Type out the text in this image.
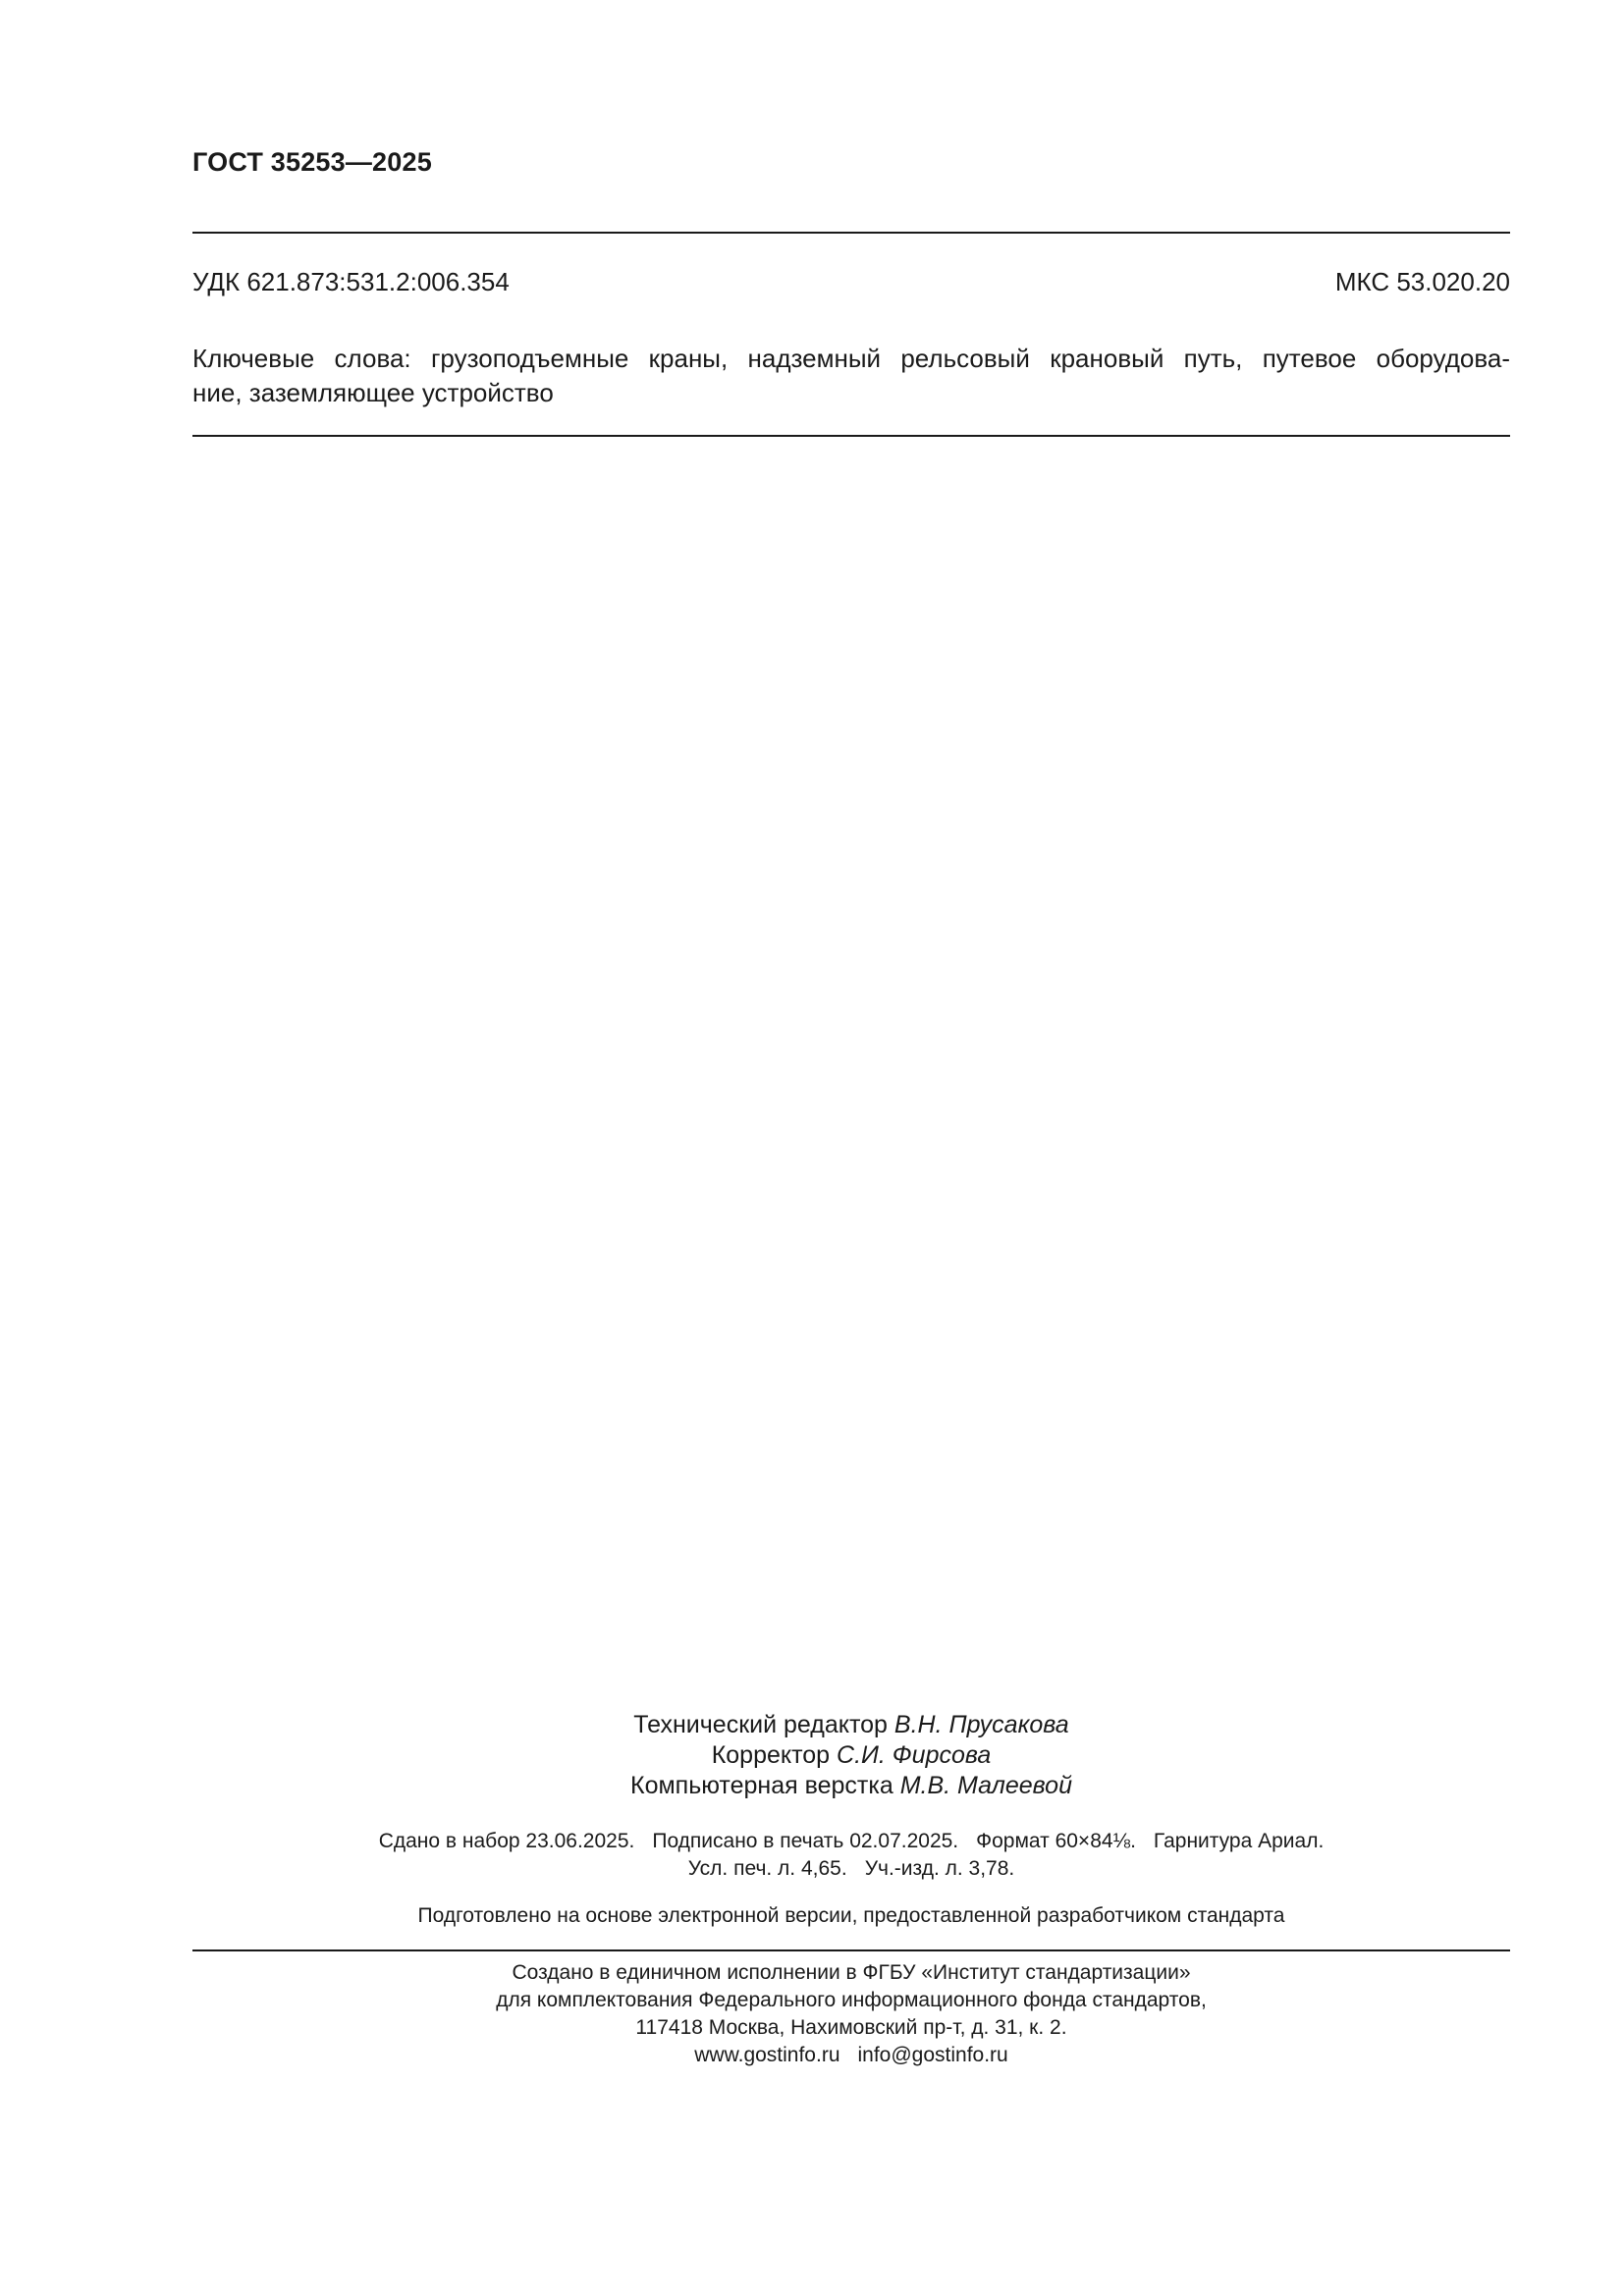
ГОСТ 35253—2025
УДК 621.873:531.2:006.354	МКС 53.020.20
Ключевые слова: грузоподъемные краны, надземный рельсовый крановый путь, путевое оборудова-
ние, заземляющее устройство
Технический редактор В.Н. Прусакова
Корректор С.И. Фирсова
Компьютерная верстка М.В. Малеевой
Сдано в набор 23.06.2025. Подписано в печать 02.07.2025. Формат 60×84⅛. Гарнитура Ариал.
Усл. печ. л. 4,65. Уч.-изд. л. 3,78.
Подготовлено на основе электронной версии, предоставленной разработчиком стандарта
Создано в единичном исполнении в ФГБУ «Институт стандартизации»
для комплектования Федерального информационного фонда стандартов,
117418 Москва, Нахимовский пр-т, д. 31, к. 2.
www.gostinfo.ru info@gostinfo.ru
